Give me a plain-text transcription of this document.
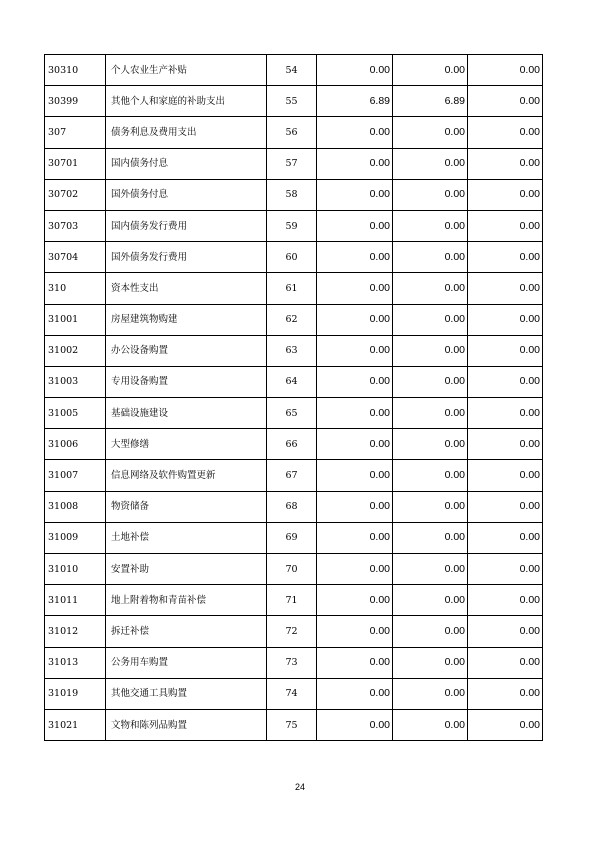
30310	个人农业生产补贴	54	0.00	0.00	0.00
30399	其他个人和家庭的补助支出	55	6.89	6.89	0.00
307	债务利息及费用支出	56	0.00	0.00	0.00
30701	国内债务付息	57	0.00	0.00	0.00
30702	国外债务付息	58	0.00	0.00	0.00
30703	国内债务发行费用	59	0.00	0.00	0.00
30704	国外债务发行费用	60	0.00	0.00	0.00
310	资本性支出	61	0.00	0.00	0.00
31001	房屋建筑物购建	62	0.00	0.00	0.00
31002	办公设备购置	63	0.00	0.00	0.00
31003	专用设备购置	64	0.00	0.00	0.00
31005	基础设施建设	65	0.00	0.00	0.00
31006	大型修缮	66	0.00	0.00	0.00
31007	信息网络及软件购置更新	67	0.00	0.00	0.00
31008	物资储备	68	0.00	0.00	0.00
31009	土地补偿	69	0.00	0.00	0.00
31010	安置补助	70	0.00	0.00	0.00
31011	地上附着物和青苗补偿	71	0.00	0.00	0.00
31012	拆迁补偿	72	0.00	0.00	0.00
31013	公务用车购置	73	0.00	0.00	0.00
31019	其他交通工具购置	74	0.00	0.00	0.00
31021	文物和陈列品购置	75	0.00	0.00	0.00
24
